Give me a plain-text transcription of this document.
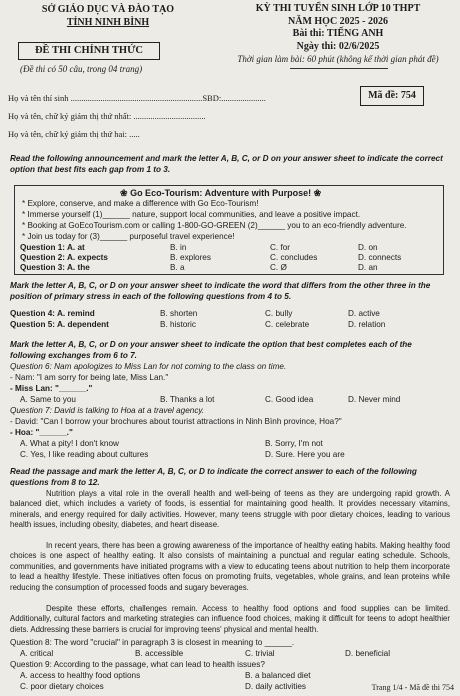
SỞ GIÁO DỤC VÀ ĐÀO TẠO
TỈNH NINH BÌNH
ĐỀ THI CHÍNH THỨC
(Đề thi có 50 câu, trong 04 trang)
KỲ THI TUYỂN SINH LỚP 10 THPT
NĂM HỌC 2025 - 2026
Bài thi: TIẾNG ANH
Ngày thi: 02/6/2025
Thời gian làm bài: 60 phút (không kể thời gian phát đề)
Họ và tên thí sinh ..............................................................SBD:.....................
Họ và tên, chữ ký giám thị thứ nhất: ..................................
Họ và tên, chữ ký giám thị thứ hai: .....
Mã đề: 754
Read the following announcement and mark the letter A, B, C, or D on your answer sheet to indicate the correct option that best fits each gap from 1 to 3.
❀ Go Eco-Tourism: Adventure with Purpose! ❀
* Explore, conserve, and make a difference with Go Eco-Tourism!
* Immerse yourself (1)______ nature, support local communities, and leave a positive impact.
* Booking at GoEcoTourism.com or calling 1-800-GO-GREEN (2)______ you to an eco-friendly adventure.
* Join us today for (3)______ purposeful travel experience!
Question 1: A. at	B. in	C. for	D. on
Question 2: A. expects	B. explores	C. concludes	D. connects
Question 3: A. the	B. a	C. Ø	D. an
Mark the letter A, B, C, or D on your answer sheet to indicate the word that differs from the other three in the position of primary stress in each of the following questions from 4 to 5.
Question 4: A. remind	B. shorten	C. bully	D. active
Question 5: A. dependent	B. historic	C. celebrate	D. relation
Mark the letter A, B, C, or D on your answer sheet to indicate the option that best completes each of the following exchanges from 6 to 7.
Question 6: Nam apologizes to Miss Lan for not coming to the class on time.
- Nam: "I am sorry for being late, Miss Lan."
- Miss Lan: "______."
A. Same to you	B. Thanks a lot	C. Good idea	D. Never mind
Question 7: David is talking to Hoa at a travel agency.
- David: "Can I borrow your brochures about tourist attractions in Ninh Bình province, Hoa?"
- Hoa: "______."
A. What a pity! I don't know	B. Sorry, I'm not
C. Yes, I like reading about cultures	D. Sure. Here you are
Read the passage and mark the letter A, B, C, or D to indicate the correct answer to each of the following questions from 8 to 12.
Nutrition plays a vital role in the overall health and well-being of teens as they are undergoing rapid growth. A balanced diet, which includes a variety of foods, is essential for maintaining good health. It provides necessary vitamins, minerals, and energy required for daily activities. However, many teens struggle with poor dietary choices, leading to various health issues, including obesity, diabetes, and heart disease.
In recent years, there has been a growing awareness of the importance of healthy eating habits. Making healthy food choices is one aspect of healthy eating. It also consists of maintaining a punctual and regular eating schedule. Schools, communities, and governments have initiated programs with a view to educating teens about nutrition to help them incorporate to lead a healthy lifestyle. These initiatives often focus on promoting fruits, vegetables, whole grains, and lean proteins while reducing the consumption of processed foods and sugary beverages.
Despite these efforts, challenges remain. Access to healthy food options and food supplies can be limited. Additionally, cultural factors and marketing strategies can influence food choices, making it difficult for teens to adopt healthier diets. Addressing these barriers is crucial for improving teens' physical and mental health.
Question 8: The word "crucial" in paragraph 3 is closest in meaning to ______.
A. critical	B. accessible	C. trivial	D. beneficial
Question 9: According to the passage, what can lead to health issues?
A. access to healthy food options	B. a balanced diet
C. poor dietary choices	D. daily activities	Trang 1/4 - Mã đề thi 754
